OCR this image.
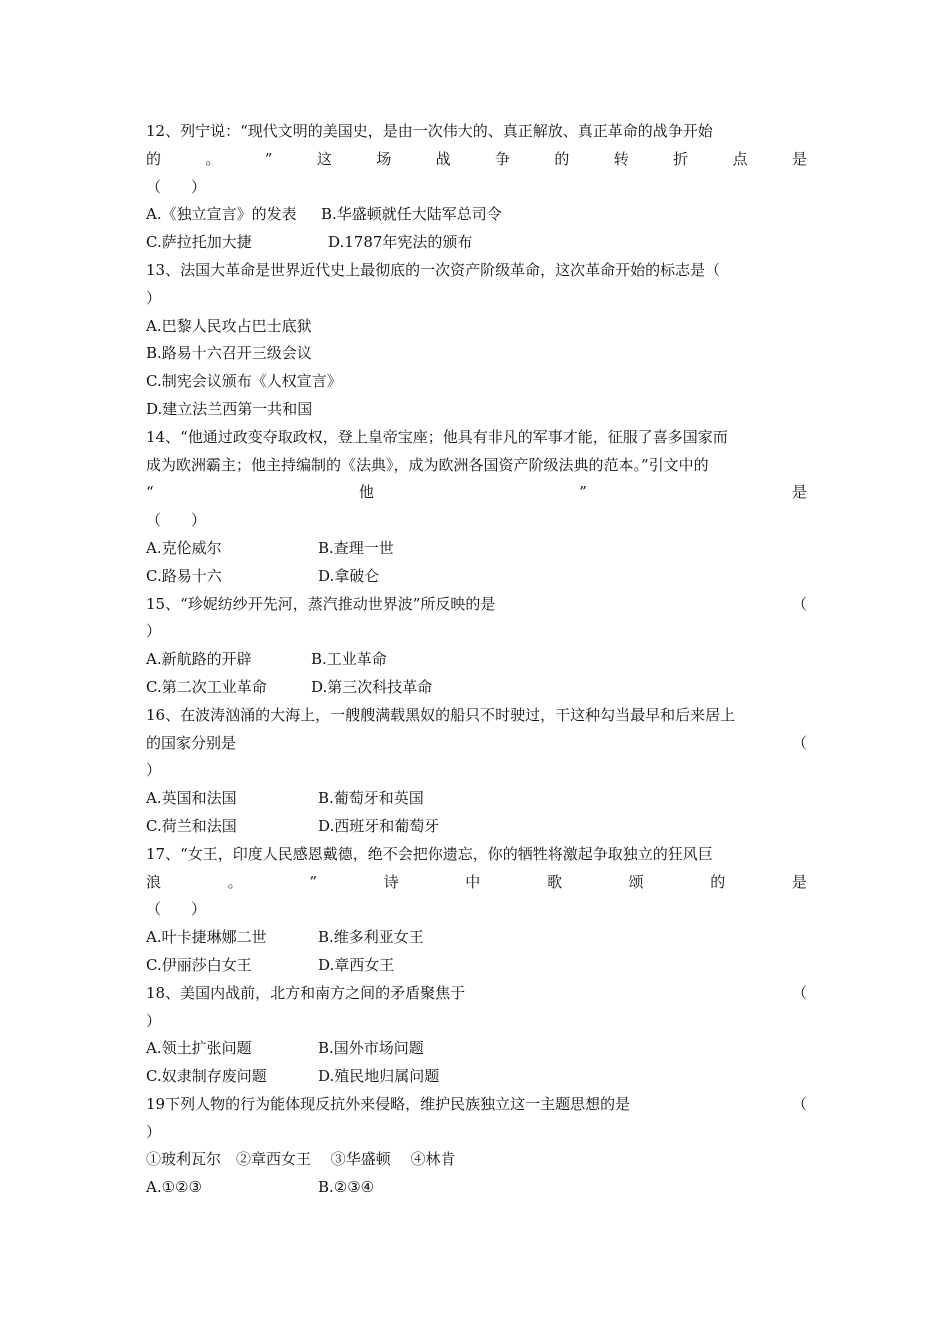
12、列宁说：“现代文明的美国史，是由一次伟大的、真正解放、真正革命的战争开始
的	。	”	这	场	战	争	的	转	折	点	是
（　　）
A.《独立宣言》的发表	B.华盛顿就任大陆军总司令
C.萨拉托加大捷	D.1787年宪法的颁布
13、法国大革命是世界近代史上最彻底的一次资产阶级革命，这次革命开始的标志是（
）
A.巴黎人民攻占巴士底狱
B.路易十六召开三级会议
C.制宪会议颁布《人权宣言》
D.建立法兰西第一共和国
14、“他通过政变夺取政权，登上皇帝宝座；他具有非凡的军事才能，征服了喜多国家而
成为欧洲霸主；他主持编制的《法典》，成为欧洲各国资产阶级法典的范本。”引文中的
“	他	”	是
（　　）
A.克伦威尔	B.查理一世
C.路易十六	D.拿破仑
15、“珍妮纺纱开先河，蒸汽推动世界波”所反映的是	（
）
A.新航路的开辟	B.工业革命
C.第二次工业革命	D.第三次科技革命
16、在波涛汹涌的大海上，一艘艘满载黑奴的船只不时驶过，干这种勾当最早和后来居上
的国家分别是	（
）
A.英国和法国	B.葡萄牙和英国
C.荷兰和法国	D.西班牙和葡萄牙
17、“女王，印度人民感恩戴德，绝不会把你遗忘，你的牺牲将激起争取独立的狂风巨
浪	。	”	诗	中	歌	颂	的	是
（　　）
A.叶卡捷琳娜二世	B.维多利亚女王
C.伊丽莎白女王	D.章西女王
18、美国内战前，北方和南方之间的矛盾聚焦于	（
）
A.领土扩张问题	B.国外市场问题
C.奴隶制存废问题	D.殖民地归属问题
19下列人物的行为能体现反抗外来侵略，维护民族独立这一主题思想的是	（
）
①玻利瓦尔　②章西女王　 ③华盛顿　 ④林肯
A.①②③	B.②③④
